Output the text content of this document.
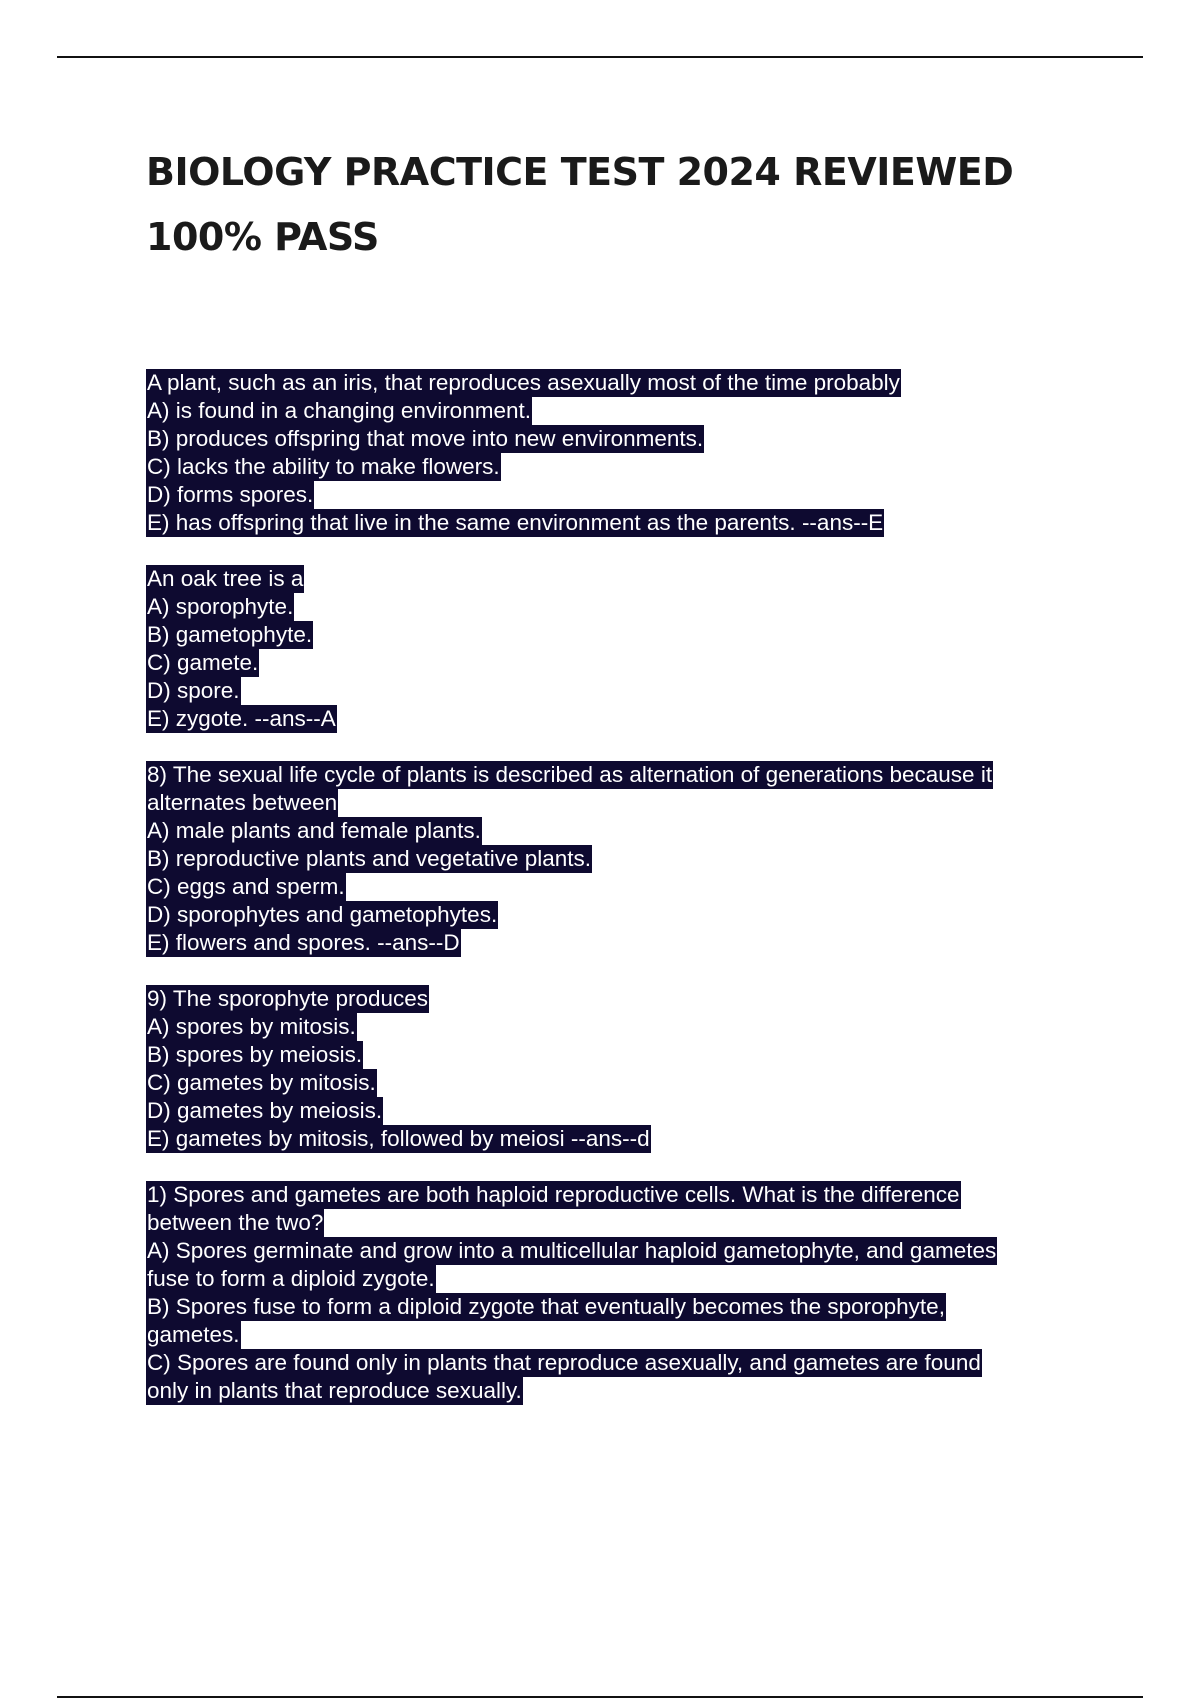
BIOLOGY PRACTICE TEST 2024 REVIEWED
100% PASS
A plant, such as an iris, that reproduces asexually most of the time probably
A) is found in a changing environment.
B) produces offspring that move into new environments.
C) lacks the ability to make flowers.
D) forms spores.
E) has offspring that live in the same environment as the parents. --ans--E
An oak tree is a
A) sporophyte.
B) gametophyte.
C) gamete.
D) spore.
E) zygote. --ans--A
8) The sexual life cycle of plants is described as alternation of generations because it
alternates between
A) male plants and female plants.
B) reproductive plants and vegetative plants.
C) eggs and sperm.
D) sporophytes and gametophytes.
E) flowers and spores. --ans--D
9) The sporophyte produces
A) spores by mitosis.
B) spores by meiosis.
C) gametes by mitosis.
D) gametes by meiosis.
E) gametes by mitosis, followed by meiosi --ans--d
1) Spores and gametes are both haploid reproductive cells. What is the difference
between the two?
A) Spores germinate and grow into a multicellular haploid gametophyte, and gametes
fuse to form a diploid zygote.
B) Spores fuse to form a diploid zygote that eventually becomes the sporophyte,
gametes.
C) Spores are found only in plants that reproduce asexually, and gametes are found
only in plants that reproduce sexually.
